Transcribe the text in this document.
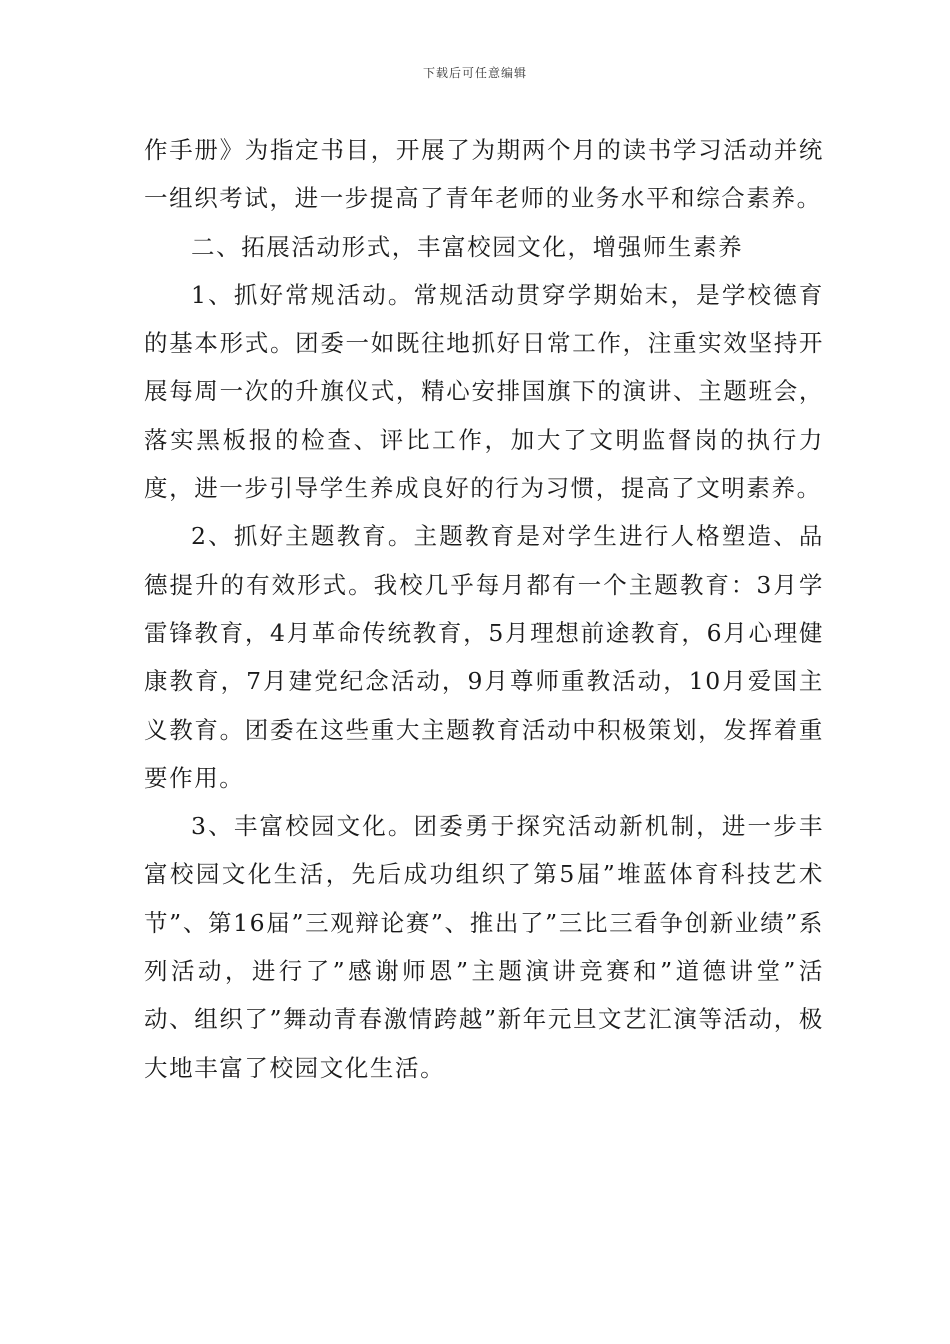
下载后可任意编辑

作手册》为指定书目，开展了为期两个月的读书学习活动并统一组织考试，进一步提高了青年老师的业务水平和综合素养。

二、拓展活动形式，丰富校园文化，增强师生素养

1、抓好常规活动。常规活动贯穿学期始末，是学校德育的基本形式。团委一如既往地抓好日常工作，注重实效坚持开展每周一次的升旗仪式，精心安排国旗下的演讲、主题班会，落实黑板报的检查、评比工作，加大了文明监督岗的执行力度，进一步引导学生养成良好的行为习惯，提高了文明素养。

2、抓好主题教育。主题教育是对学生进行人格塑造、品德提升的有效形式。我校几乎每月都有一个主题教育：3月学雷锋教育，4月革命传统教育，5月理想前途教育，6月心理健康教育，7月建党纪念活动，9月尊师重教活动，10月爱国主义教育。团委在这些重大主题教育活动中积极策划，发挥着重要作用。

3、丰富校园文化。团委勇于探究活动新机制，进一步丰富校园文化生活，先后成功组织了第5届”堆蓝体育科技艺术节”、第16届”三观辩论赛”、推出了”三比三看争创新业绩”系列活动，进行了”感谢师恩”主题演讲竞赛和”道德讲堂”活动、组织了”舞动青春激情跨越”新年元旦文艺汇演等活动，极大地丰富了校园文化生活。
